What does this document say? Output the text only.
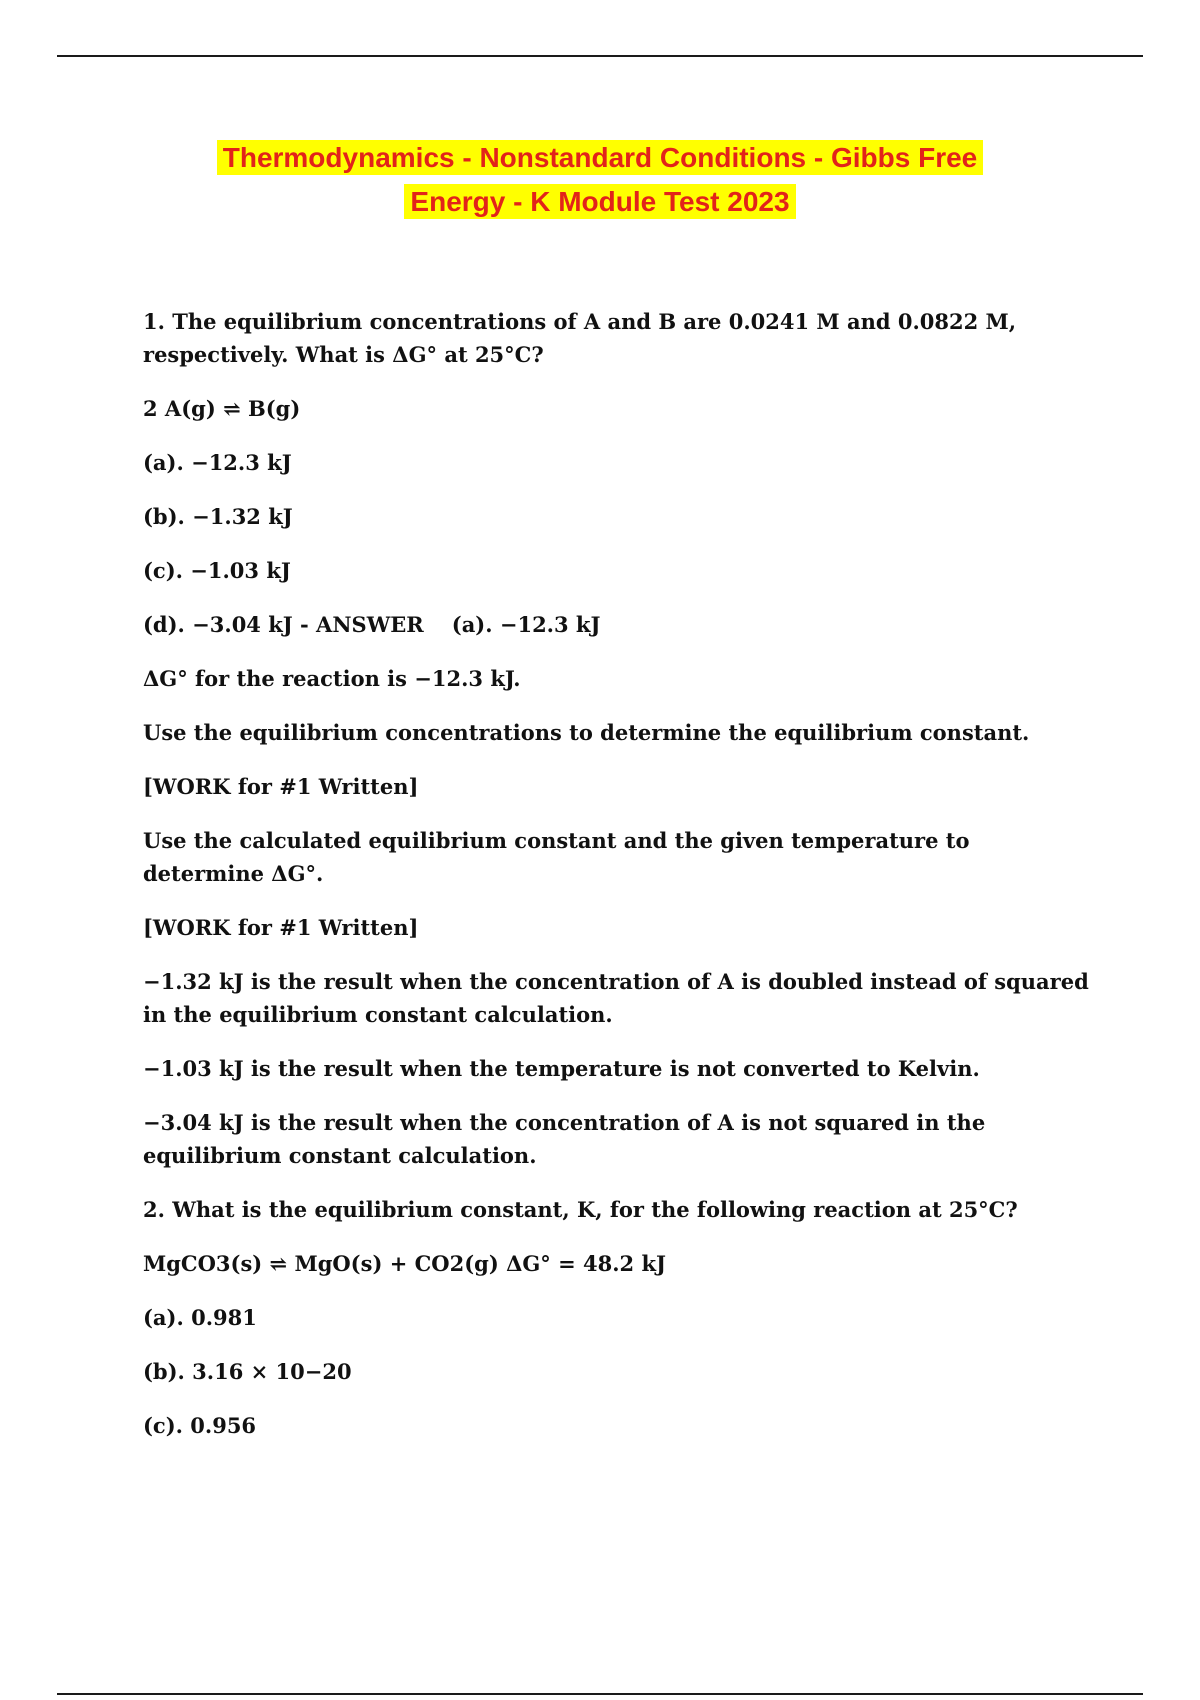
Thermodynamics - Nonstandard Conditions - Gibbs Free
Energy - K Module Test 2023

1. The equilibrium concentrations of A and B are 0.0241 M and 0.0822 M, respectively. What is ΔG° at 25°C?

2 A(g) ⇌ B(g)

(a). −12.3 kJ

(b). −1.32 kJ

(c). −1.03 kJ

(d). −3.04 kJ - ANSWER (a). −12.3 kJ

ΔG° for the reaction is −12.3 kJ.

Use the equilibrium concentrations to determine the equilibrium constant.

[WORK for #1 Written]

Use the calculated equilibrium constant and the given temperature to determine ΔG°.

[WORK for #1 Written]

−1.32 kJ is the result when the concentration of A is doubled instead of squared in the equilibrium constant calculation.

−1.03 kJ is the result when the temperature is not converted to Kelvin.

−3.04 kJ is the result when the concentration of A is not squared in the equilibrium constant calculation.

2. What is the equilibrium constant, K, for the following reaction at 25°C?

MgCO3(s) ⇌ MgO(s) + CO2(g) ΔG° = 48.2 kJ

(a). 0.981

(b). 3.16 × 10−20

(c). 0.956
